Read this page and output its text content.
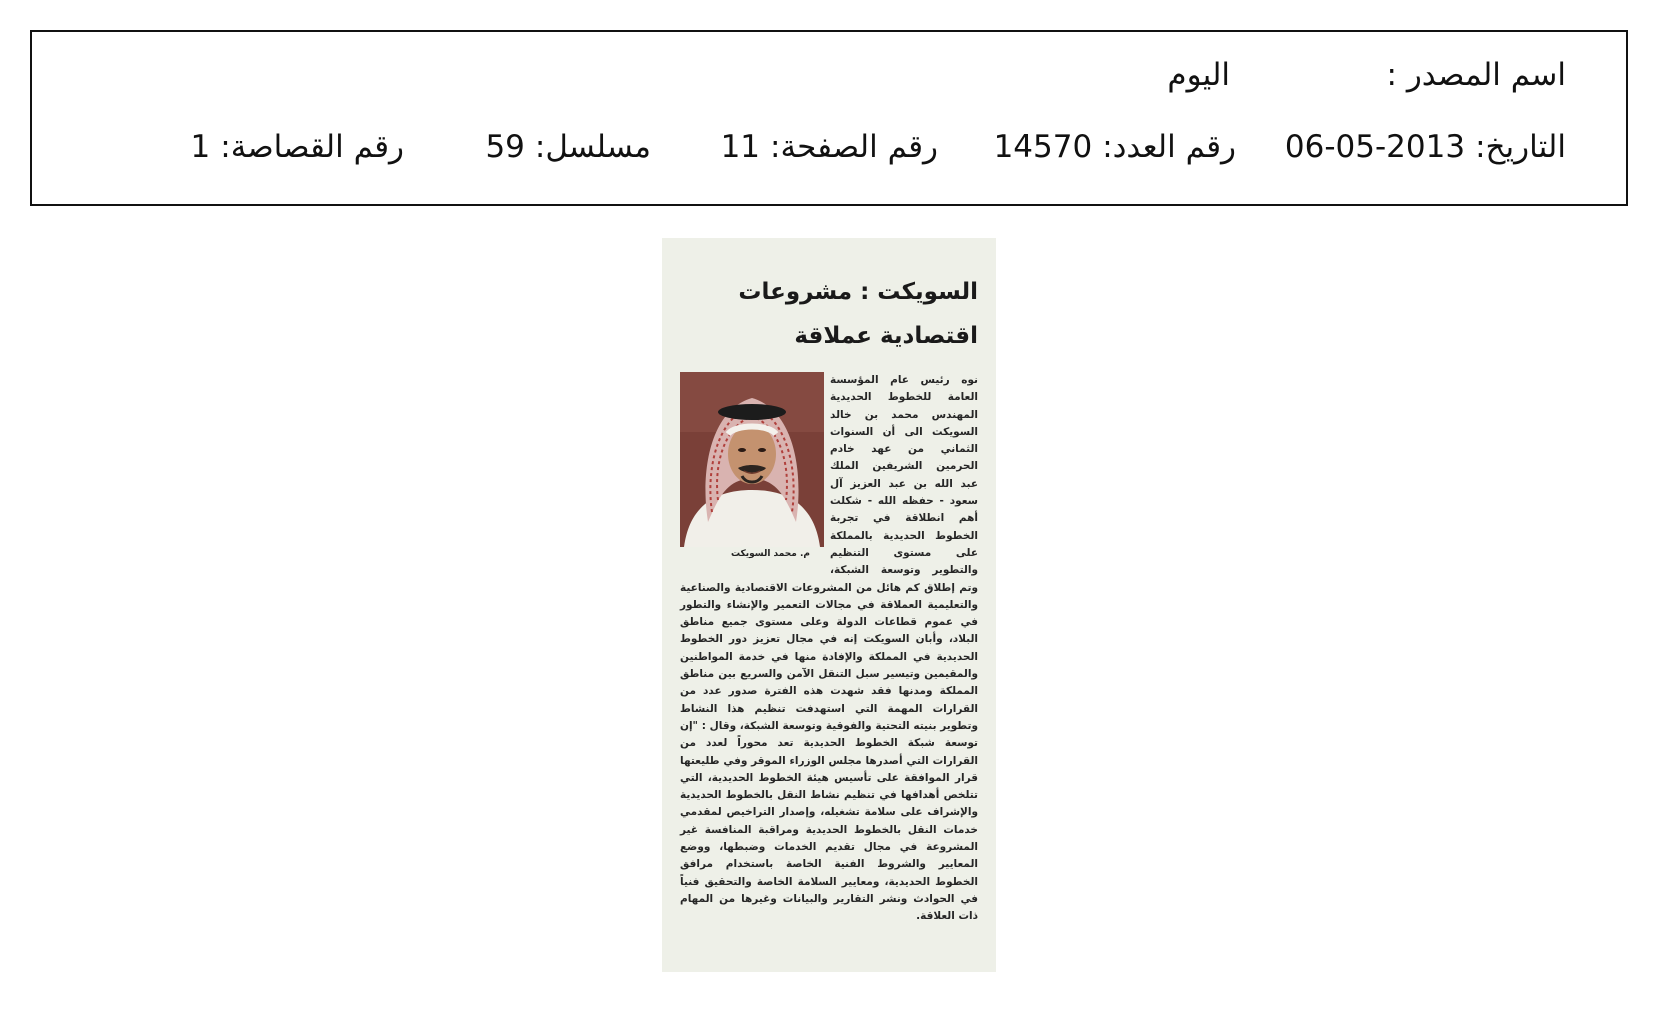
اسم المصدر :
اليوم
التاريخ:2013-05-06
رقم العدد:14570
رقم الصفحة:11
مسلسل:59
رقم القصاصة:1
السويكت : مشروعات اقتصادية عملاقة
م. محمد السويكت
نوه رئيس عام المؤسسة العامة للخطوط الحديدية المهندس محمد بن خالد السويكت الى أن السنوات الثماني من عهد خادم الحرمين الشريفين الملك عبد الله بن عبد العزيز آل سعود - حفظه الله - شكلت أهم انطلاقة في تجربة الخطوط الحديدية بالمملكة على مستوى التنظيم والتطوير وتوسعة الشبكة، وتم إطلاق كم هائل من المشروعات الاقتصادية والصناعية والتعليمية العملاقة في مجالات التعمير والإنشاء والتطور في عموم قطاعات الدولة وعلى مستوى جميع مناطق البلاد، وأبان السويكت إنه في مجال تعزيز دور الخطوط الحديدية في المملكة والإفادة منها في خدمة المواطنين والمقيمين وتيسير سبل التنقل الآمن والسريع بين مناطق المملكة ومدنها فقد شهدت هذه الفترة صدور عدد من القرارات المهمة التي استهدفت تنظيم هذا النشاط وتطوير بنيته التحتية والفوقية وتوسعة الشبكة، وقال : "إن توسعة شبكة الخطوط الحديدية تعد محوراً لعدد من القرارات التي أصدرها مجلس الوزراء الموقر وفي طليعتها قرار الموافقة على تأسيس هيئة الخطوط الحديدية، التي تتلخص أهدافها في تنظيم نشاط النقل بالخطوط الحديدية والإشراف على سلامة تشغيله، وإصدار التراخيص لمقدمي خدمات النقل بالخطوط الحديدية ومراقبة المنافسة غير المشروعة في مجال تقديم الخدمات وضبطها، ووضع المعايير والشروط الفنية الخاصة باستخدام مرافق الخطوط الحديدية، ومعايير السلامة الخاصة والتحقيق فنياً في الحوادث ونشر التقارير والبيانات وغيرها من المهام ذات العلاقة.
